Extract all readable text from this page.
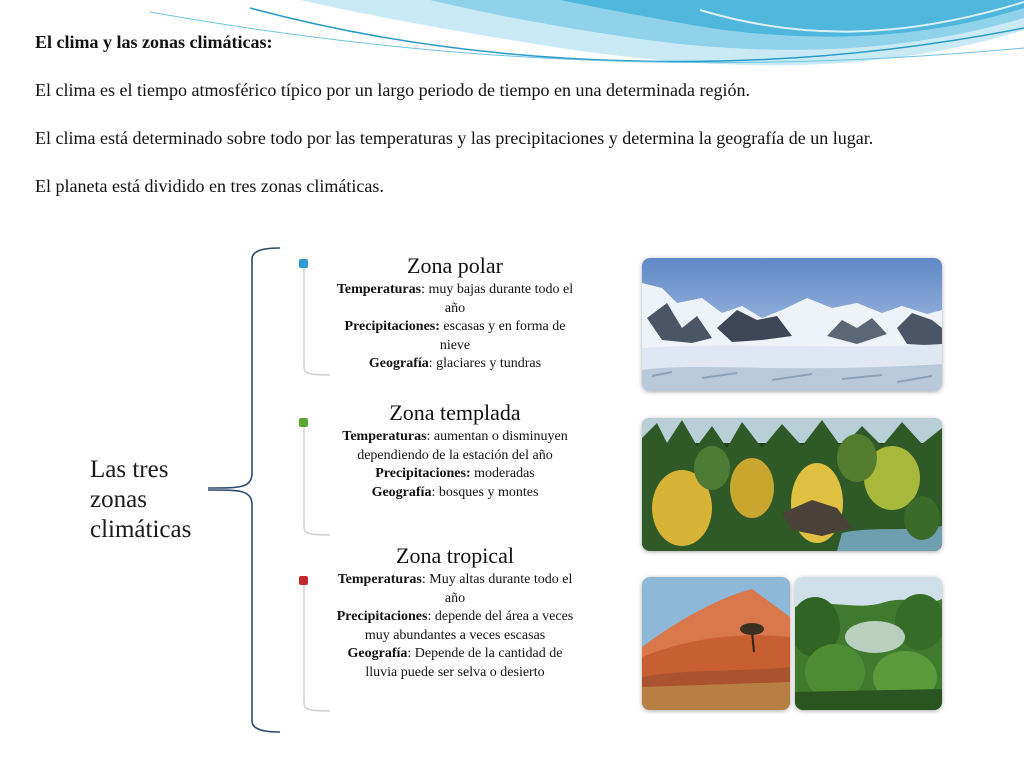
El clima y las zonas climáticas:

El clima es el tiempo atmosférico típico por un largo periodo de tiempo en una determinada región.

El clima está determinado sobre todo por las temperaturas y las precipitaciones y determina la geografía de un lugar.

El planeta está dividido en tres zonas climáticas.

Las tres
zonas
climáticas
Zona polar
Temperaturas: muy bajas durante todo el año
Precipitaciones: escasas y en forma de nieve
Geografía: glaciares y tundras
Zona templada
Temperaturas: aumentan o disminuyen dependiendo de la estación del año
Precipitaciones: moderadas
Geografía: bosques y montes
Zona tropical
Temperaturas: Muy altas durante todo el año
Precipitaciones: depende del área a veces muy abundantes a veces escasas
Geografía: Depende de la cantidad de lluvia puede ser selva o desierto
